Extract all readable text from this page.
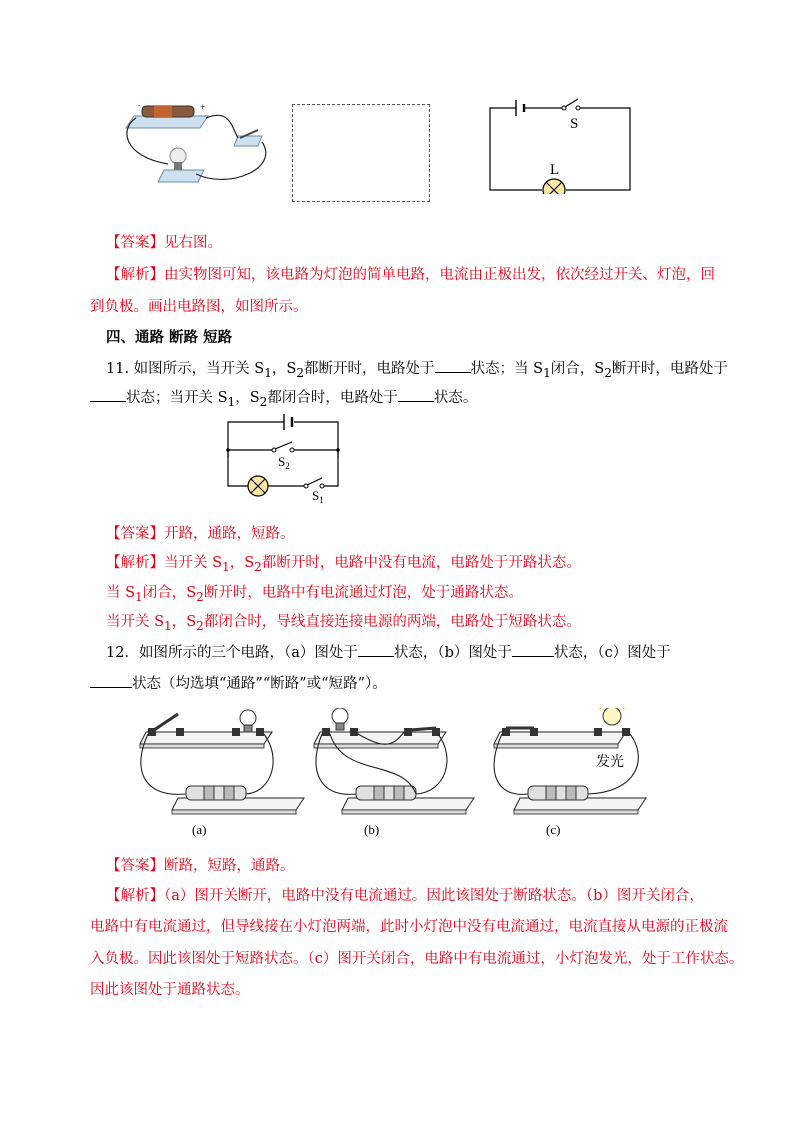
-	+
S
L
【答案】见右图。
【解析】由实物图可知，该电路为灯泡的简单电路，电流由正极出发，依次经过开关、灯泡，回
到负极。画出电路图，如图所示。
四、通路 断路 短路
11. 如图所示，当开关 $S_1$，$S_2$都断开时，电路处于 状态；当 $S_1$闭合，$S_2$断开时，电路处于
状态；当开关 $S_1$，$S_2$都闭合时，电路处于 状态。
$S_2$
$S_1$
【答案】开路，通路，短路。
【解析】当开关 $S_1$，$S_2$都断开时，电路中没有电流，电路处于开路状态。
当 $S_1$闭合，$S_2$断开时，电路中有电流通过灯泡，处于通路状态。
当开关 $S_1$，$S_2$都闭合时，导线直接连接电源的两端，电路处于短路状态。
12．如图所示的三个电路，（a）图处于 状态，（b）图处于	状态，（c）图处于
状态（均选填“通路”“断路”或“短路”）。
(a)	(b)
发光
(c)
【答案】断路，短路，通路。
【解析】（a）图开关断开，电路中没有电流通过。因此该图处于断路状态。（b）图开关闭合，
电路中有电流通过，但导线接在小灯泡两端，此时小灯泡中没有电流通过，电流直接从电源的正极流
入负极。因此该图处于短路状态。（c）图开关闭合，电路中有电流通过，小灯泡发光，处于工作状态。
因此该图处于通路状态。
